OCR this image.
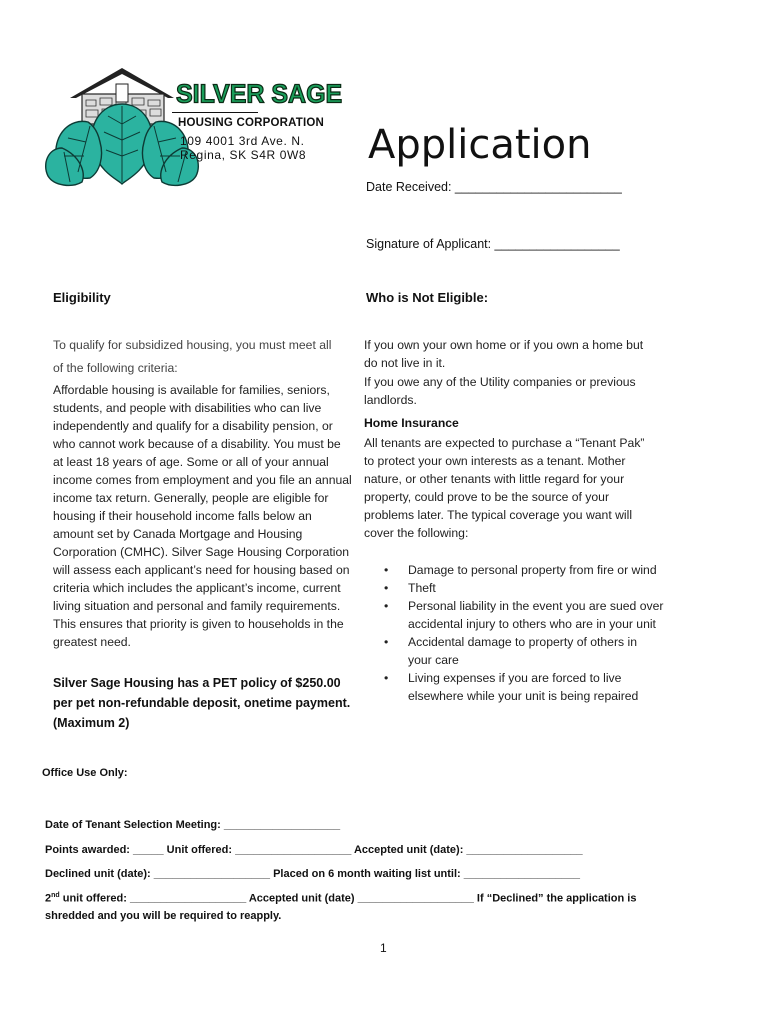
SILVER SAGE
HOUSING CORPORATION
109 4001 3rd Ave. N.
Regina, SK S4R 0W8 Application
Date Received: ________________________
Signature of Applicant: __________________
Eligibility
To qualify for subsidized housing, you must meet all
of the following criteria:
Affordable housing is available for families, seniors, students, and people with disabilities who can live independently and qualify for a disability pension, or who cannot work because of a disability. You must be at least 18 years of age. Some or all of your annual income comes from employment and you file an annual income tax return. Generally, people are eligible for housing if their household income falls below an amount set by Canada Mortgage and Housing Corporation (CMHC). Silver Sage Housing Corporation will assess each applicant’s need for housing based on criteria which includes the applicant’s income, current living situation and personal and family requirements. This ensures that priority is given to households in the greatest need.
Silver Sage Housing has a PET policy of $250.00 per pet non-refundable deposit, onetime payment. (Maximum 2)
Who is Not Eligible:
If you own your own home or if you own a home but do not live in it.
If you owe any of the Utility companies or previous landlords.
Home Insurance
All tenants are expected to purchase a “Tenant Pak” to protect your own interests as a tenant. Mother nature, or other tenants with little regard for your property, could prove to be the source of your problems later. The typical coverage you want will cover the following:
• Damage to personal property from fire or wind
• Theft
• Personal liability in the event you are sued over accidental injury to others who are in your unit
• Accidental damage to property of others in your care
• Living expenses if you are forced to live elsewhere while your unit is being repaired
Office Use Only:
Date of Tenant Selection Meeting: ___________________
Points awarded: _____ Unit offered: ___________________ Accepted unit (date): ___________________
Declined unit (date): ___________________ Placed on 6 month waiting list until: ___________________
2nd unit offered: ___________________ Accepted unit (date) ___________________ If “Declined” the application is
shredded and you will be required to reapply.
1
